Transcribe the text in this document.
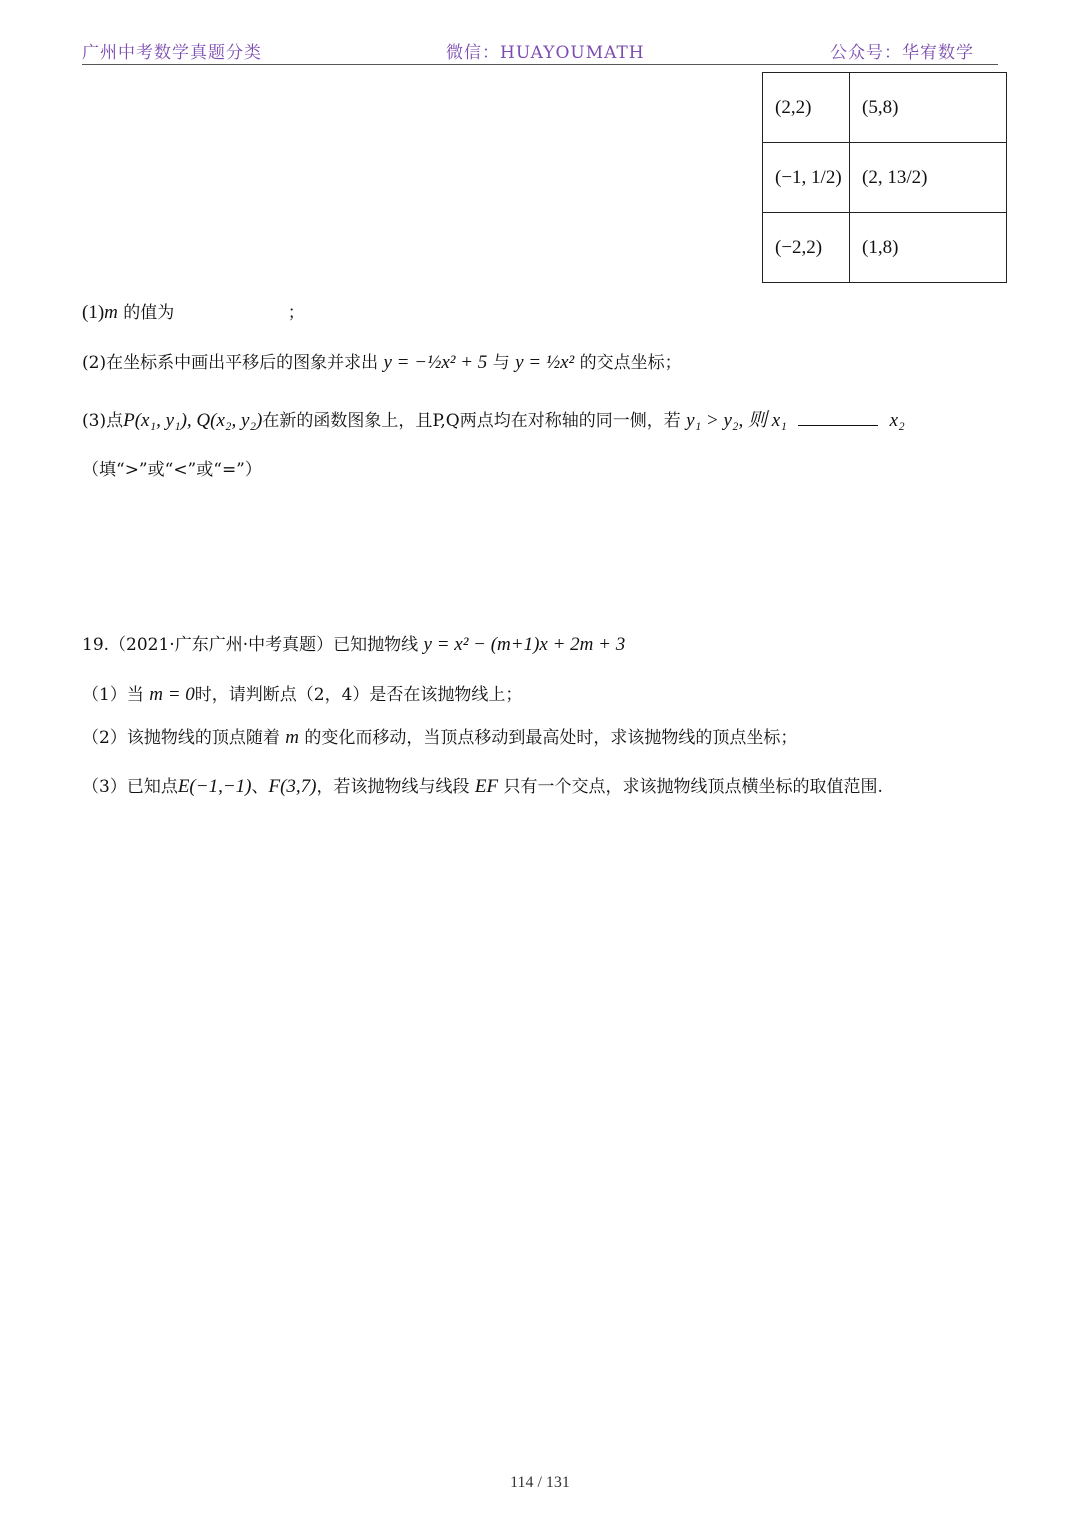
广州中考数学真题分类	微信：HUAYOUMATH	公众号：华宥数学
(2,2)	(5,8)
(−1, 1/2)	(2, 13/2)
(−2,2)	(1,8)
(1)m 的值为	；
(2)在坐标系中画出平移后的图象并求出 y = −½x² + 5 与 y = ½x² 的交点坐标；
(3)点P(x₁, y₁), Q(x₂, y₂)在新的函数图象上，且P,Q两点均在对称轴的同一侧，若 y₁ > y₂, 则 x₁	x₂
（填“>”或“<”或“=”）
19.（2021·广东广州·中考真题）已知抛物线 y = x² − (m+1)x + 2m + 3
（1）当 m = 0时，请判断点（2，4）是否在该抛物线上；
（2）该抛物线的顶点随着 m 的变化而移动，当顶点移动到最高处时，求该抛物线的顶点坐标；
（3）已知点E(−1,−1)、F(3,7)，若该抛物线与线段 EF 只有一个交点，求该抛物线顶点横坐标的取值范围.
114 / 131
